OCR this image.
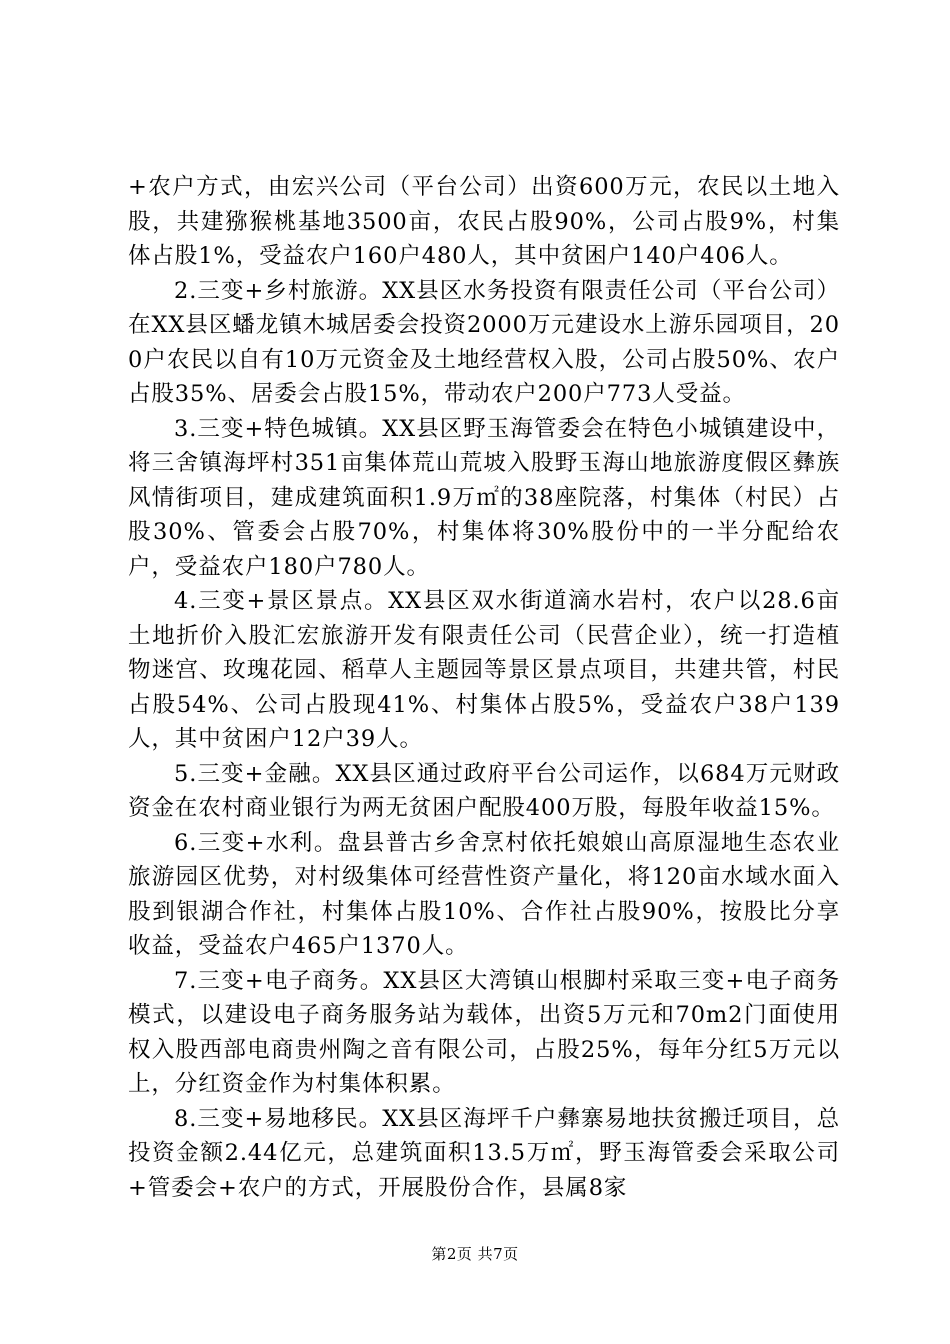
+农户方式，由宏兴公司（平台公司）出资600万元，农民以土地入股，共建猕猴桃基地3500亩，农民占股90%，公司占股9%，村集体占股1%，受益农户160户480人，其中贫困户140户406人。

2.三变+乡村旅游。XX县区水务投资有限责任公司（平台公司）在XX县区蟠龙镇木城居委会投资2000万元建设水上游乐园项目，200户农民以自有10万元资金及土地经营权入股，公司占股50%、农户占股35%、居委会占股15%，带动农户200户773人受益。

3.三变+特色城镇。XX县区野玉海管委会在特色小城镇建设中，将三舍镇海坪村351亩集体荒山荒坡入股野玉海山地旅游度假区彝族风情街项目，建成建筑面积1.9万㎡的38座院落，村集体（村民）占股30%、管委会占股70%，村集体将30%股份中的一半分配给农户，受益农户180户780人。

4.三变+景区景点。XX县区双水街道滴水岩村，农户以28.6亩土地折价入股汇宏旅游开发有限责任公司（民营企业），统一打造植物迷宫、玫瑰花园、稻草人主题园等景区景点项目，共建共管，村民占股54%、公司占股现41%、村集体占股5%，受益农户38户139人，其中贫困户12户39人。

5.三变+金融。XX县区通过政府平台公司运作，以684万元财政资金在农村商业银行为两无贫困户配股400万股，每股年收益15%。

6.三变+水利。盘县普古乡舍烹村依托娘娘山高原湿地生态农业旅游园区优势，对村级集体可经营性资产量化，将120亩水域水面入股到银湖合作社，村集体占股10%、合作社占股90%，按股比分享收益，受益农户465户1370人。

7.三变+电子商务。XX县区大湾镇山根脚村采取三变+电子商务模式，以建设电子商务服务站为载体，出资5万元和70m2门面使用权入股西部电商贵州陶之音有限公司，占股25%，每年分红5万元以上，分红资金作为村集体积累。

8.三变+易地移民。XX县区海坪千户彝寨易地扶贫搬迁项目，总投资金额2.44亿元，总建筑面积13.5万㎡，野玉海管委会采取公司+管委会+农户的方式，开展股份合作，县属8家

第2页 共7页
